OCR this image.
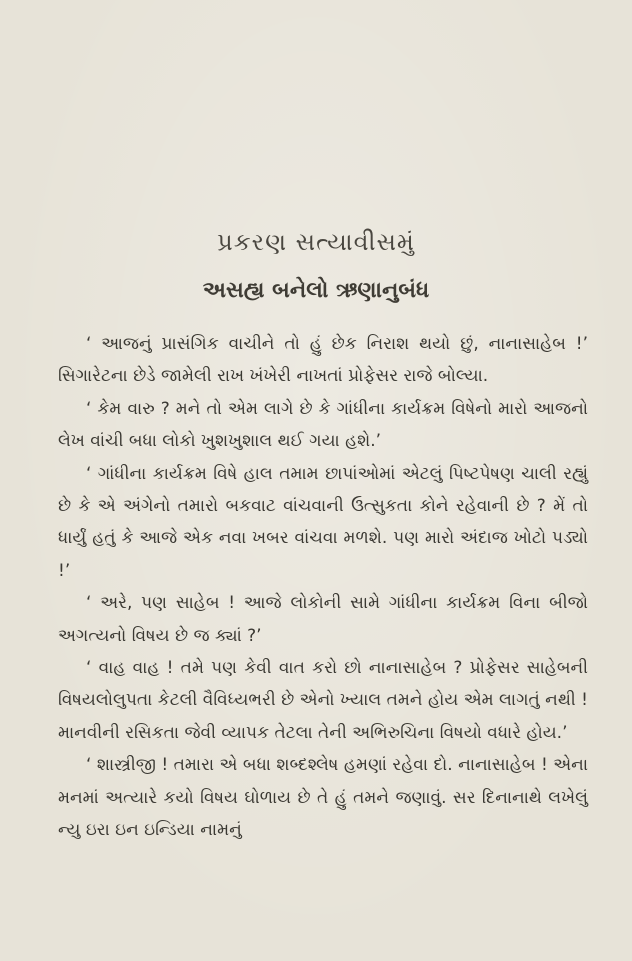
પ્રકરણ સત્યાવીસમું
અસહ્ય બનેલો ઋણાનુબંધ

‘ આજનું પ્રાસંગિક વાચીને તો હું છેક નિરાશ થયો છું, નાનાસાહેબ !’ સિગારેટના છેડે જામેલી રાખ ખંખેરી નાખતાં પ્રોફેસર રાજે બોલ્યા.

‘ કેમ વારુ ? મને તો એમ લાગે છે કે ગાંધીના કાર્યક્રમ વિષેનો મારો આજનો લેખ વાંચી બધા લોકો ખુશખુશાલ થઈ ગયા હશે.’

‘ ગાંધીના કાર્યક્રમ વિષે હાલ તમામ છાપાંઓમાં એટલું પિષ્ટપેષણ ચાલી રહ્યું છે કે એ અંગેનો તમારો બકવાટ વાંચવાની ઉત્સુકતા કોને રહેવાની છે ? મેં તો ધાર્યું હતું કે આજે એક નવા ખબર વાંચવા મળશે. પણ મારો અંદાજ ખોટો પડ્યો !’

‘ અરે, પણ સાહેબ ! આજે લોકોની સામે ગાંધીના કાર્યક્રમ વિના બીજો અગત્યનો વિષય છે જ ક્યાં ?’

‘ વાહ વાહ ! તમે પણ કેવી વાત કરો છો નાનાસાહેબ ? પ્રોફેસર સાહેબની વિષયલોલુપતા કેટલી વૈવિધ્યભરી છે એનો ખ્યાલ તમને હોય એમ લાગતું નથી ! માનવીની રસિકતા જેવી વ્યાપક તેટલા તેની અભિરુચિના વિષયો વધારે હોય.’

‘ શાસ્ત્રીજી ! તમારા એ બધા શબ્દશ્લેષ હમણાં રહેવા દો. નાનાસાહેબ ! એના મનમાં અત્યારે કયો વિષય ઘોળાય છે તે હું તમને જણાવું. સર દિનાનાથે લખેલું ન્યુ ઇરા ઇન ઇન્ડિયા નામનું
